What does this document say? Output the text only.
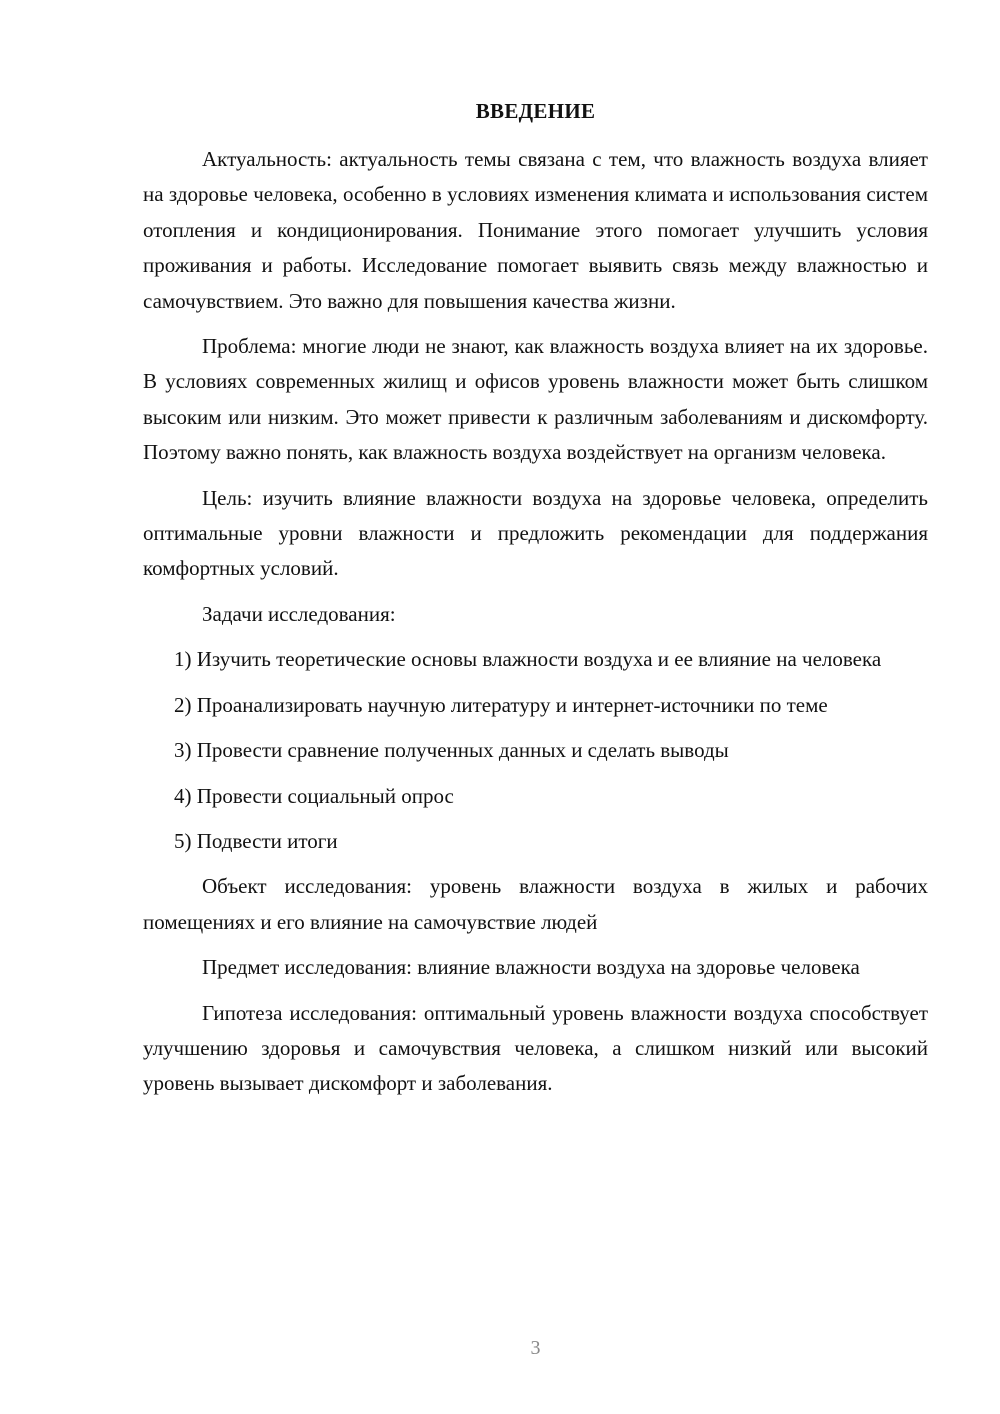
ВВЕДЕНИЕ

Актуальность: актуальность темы связана с тем, что влажность воздуха влияет на здоровье человека, особенно в условиях изменения климата и использования систем отопления и кондиционирования. Понимание этого помогает улучшить условия проживания и работы. Исследование помогает выявить связь между влажностью и самочувствием. Это важно для повышения качества жизни.

Проблема: многие люди не знают, как влажность воздуха влияет на их здоровье. В условиях современных жилищ и офисов уровень влажности может быть слишком высоким или низким. Это может привести к различным заболеваниям и дискомфорту. Поэтому важно понять, как влажность воздуха воздействует на организм человека.

Цель: изучить влияние влажности воздуха на здоровье человека, определить оптимальные уровни влажности и предложить рекомендации для поддержания комфортных условий.

Задачи исследования:

1) Изучить теоретические основы влажности воздуха и ее влияние на человека

2) Проанализировать научную литературу и интернет-источники по теме

3) Провести сравнение полученных данных и сделать выводы

4) Провести социальный опрос

5) Подвести итоги

Объект исследования: уровень влажности воздуха в жилых и рабочих помещениях и его влияние на самочувствие людей

Предмет исследования: влияние влажности воздуха на здоровье человека

Гипотеза исследования: оптимальный уровень влажности воздуха способствует улучшению здоровья и самочувствия человека, а слишком низкий или высокий уровень вызывает дискомфорт и заболевания.

3
